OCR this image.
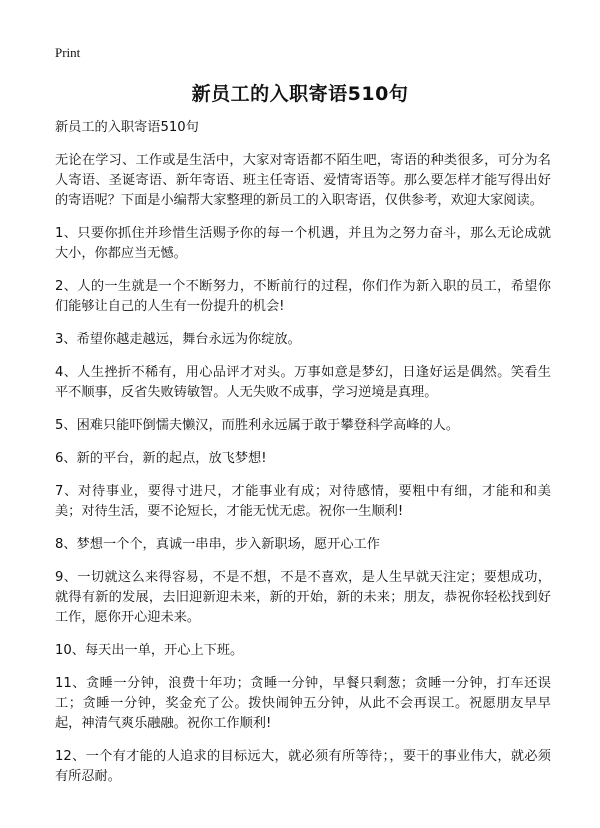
Print
新员工的入职寄语510句

新员工的入职寄语510句

无论在学习、工作或是生活中，大家对寄语都不陌生吧，寄语的种类很多，可分为名人寄语、圣诞寄语、新年寄语、班主任寄语、爱情寄语等。那么要怎样才能写得出好的寄语呢？下面是小编帮大家整理的新员工的入职寄语，仅供参考，欢迎大家阅读。

1、只要你抓住并珍惜生活赐予你的每一个机遇，并且为之努力奋斗，那么无论成就大小，你都应当无憾。

2、人的一生就是一个不断努力，不断前行的过程，你们作为新入职的员工，希望你们能够让自己的人生有一份提升的机会!

3、希望你越走越远，舞台永远为你绽放。

4、人生挫折不稀有，用心品评才对头。万事如意是梦幻，日逢好运是偶然。笑看生平不顺事，反省失败铸敏智。人无失败不成事，学习逆境是真理。

5、困难只能吓倒懦夫懒汉，而胜利永远属于敢于攀登科学高峰的人。

6、新的平台，新的起点，放飞梦想!

7、对待事业，要得寸进尺，才能事业有成；对待感情，要粗中有细，才能和和美美；对待生活，要不论短长，才能无忧无虑。祝你一生顺利!

8、梦想一个个，真诚一串串，步入新职场，愿开心工作

9、一切就这么来得容易，不是不想，不是不喜欢，是人生早就天注定；要想成功，就得有新的发展，去旧迎新迎未来，新的开始，新的未来；朋友，恭祝你轻松找到好工作，愿你开心迎未来。

10、每天出一单，开心上下班。

11、贪睡一分钟，浪费十年功；贪睡一分钟，早餐只剩葱；贪睡一分钟，打车还误工；贪睡一分钟，奖金充了公。拨快闹钟五分钟，从此不会再误工。祝愿朋友早早起，神清气爽乐融融。祝你工作顺利!

12、一个有才能的人追求的目标远大，就必须有所等待；，要干的事业伟大，就必须有所忍耐。
